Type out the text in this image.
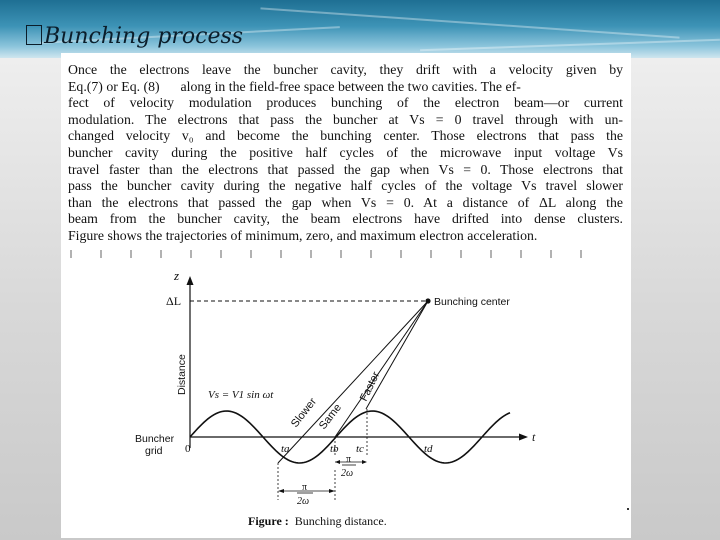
Bunching process
Once the electrons leave the buncher cavity, they drift with a velocity given by
Eq.(7) or Eq. (8) along in the field-free space between the two cavities. The ef-
fect of velocity modulation produces bunching of the electron beam—or current
modulation. The electrons that pass the buncher at Vs = 0 travel through with un-
changed velocity v₀ and become the bunching center. Those electrons that pass the
buncher cavity during the positive half cycles of the microwave input voltage Vs
travel faster than the electrons that passed the gap when Vs = 0. Those electrons that
pass the buncher cavity during the negative half cycles of the voltage Vs travel slower
than the electrons that passed the gap when Vs = 0. At a distance of ΔL along the
beam from the buncher cavity, the beam electrons have drifted into dense clusters.
Figure shows the trajectories of minimum, zero, and maximum electron acceleration.
z
ΔL	Bunching center
Distance Vs = V1 sin ωt
Slower
Same
Faster
Buncher
grid 0
t
ta	tb tc	td
π
2ω
π
2ω
Figure : Bunching distance.
